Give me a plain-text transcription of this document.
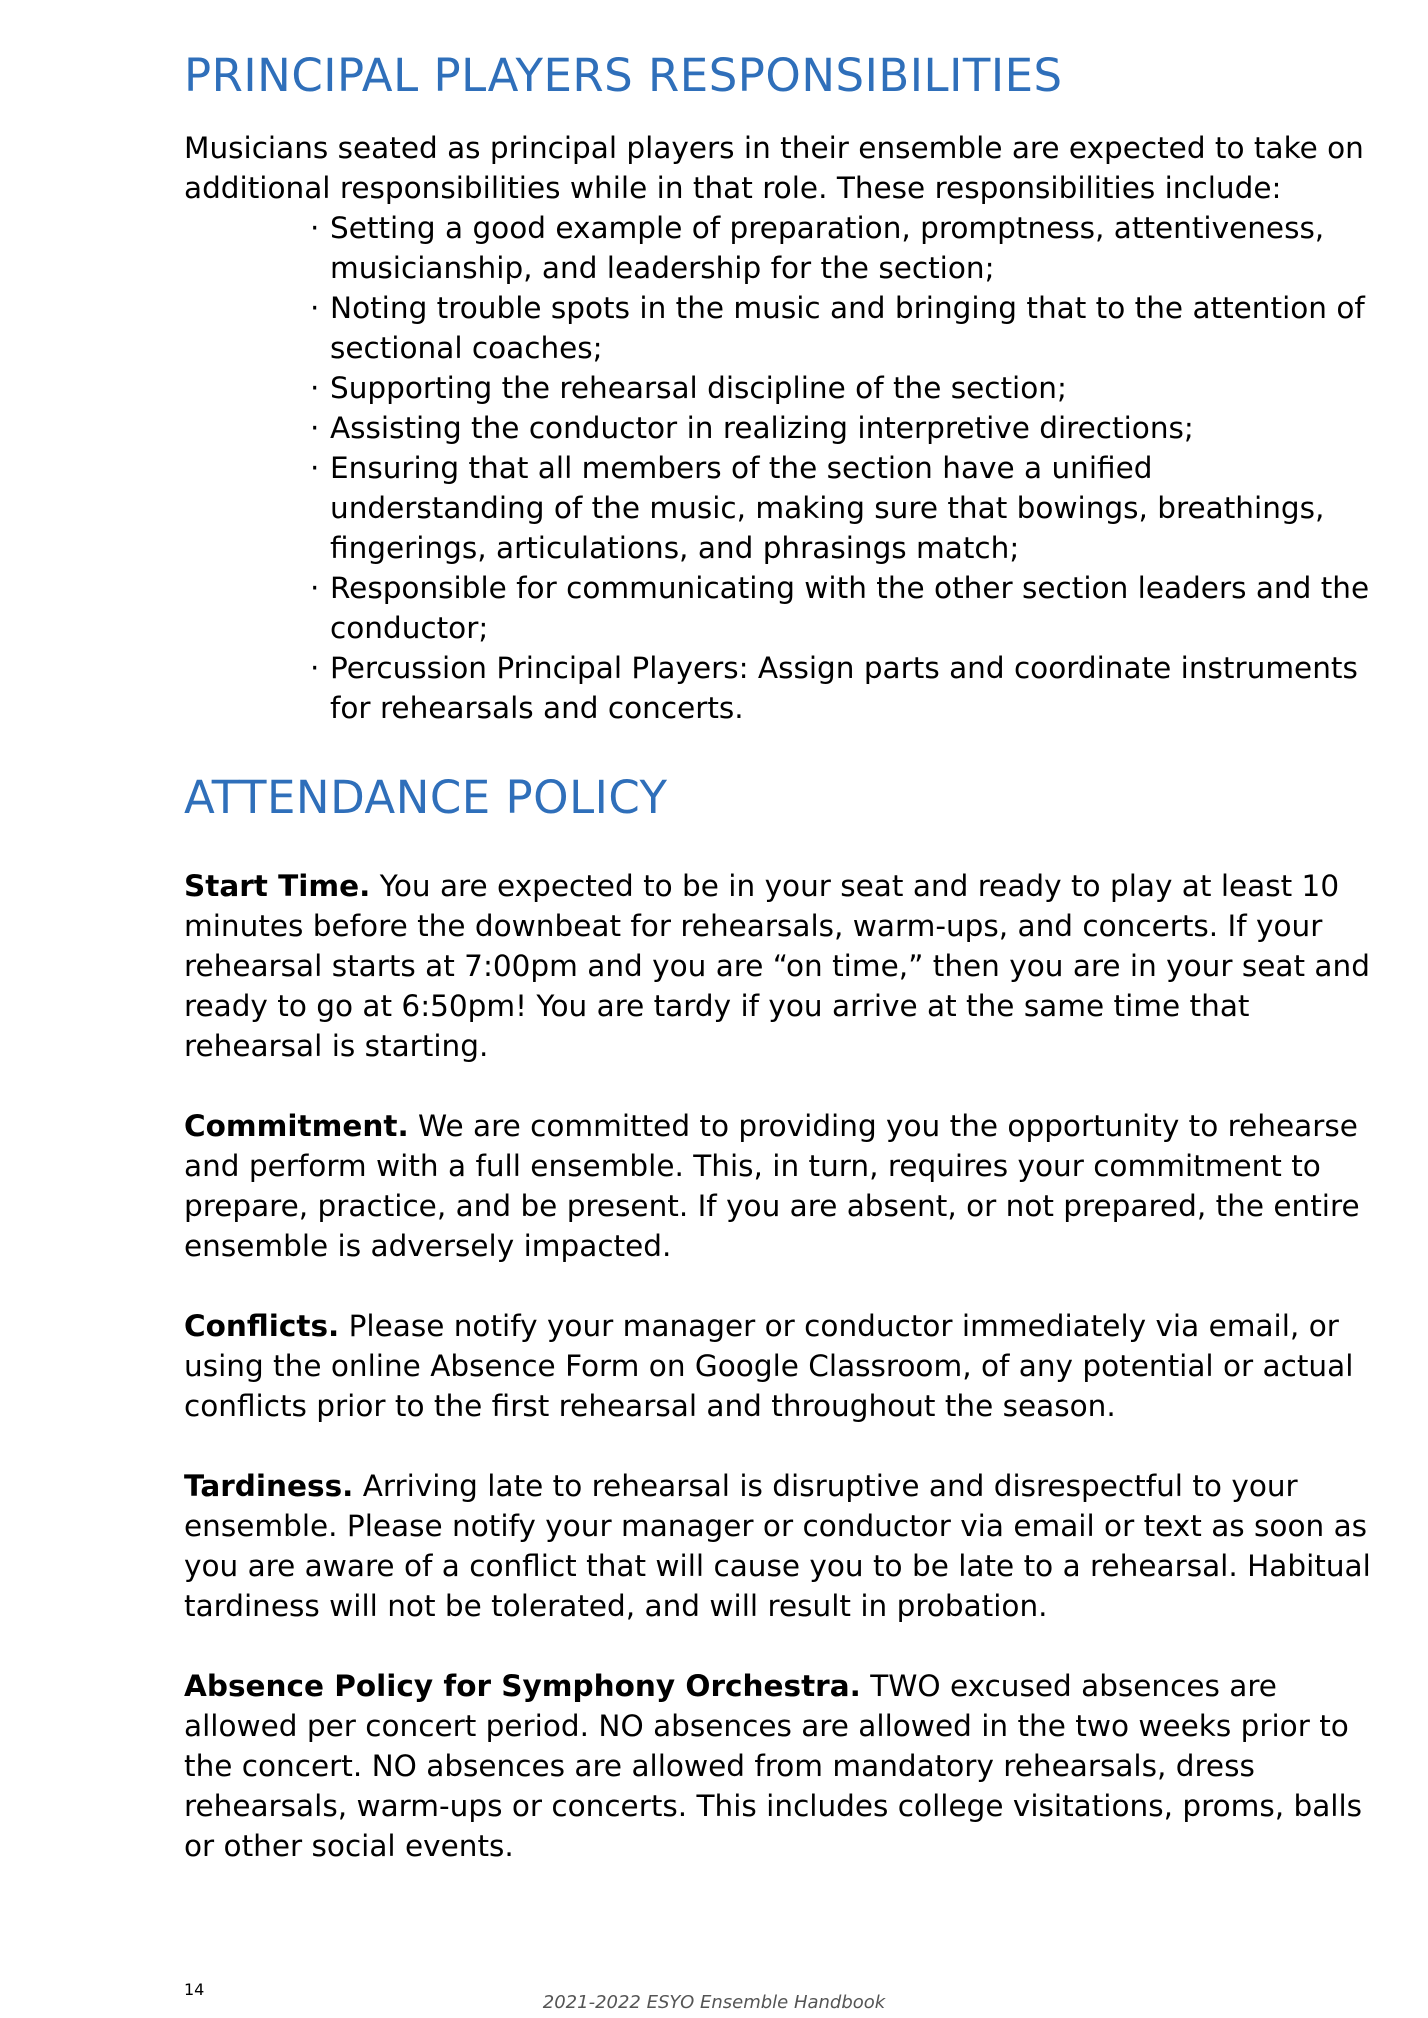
PRINCIPAL PLAYERS RESPONSIBILITIES

Musicians seated as principal players in their ensemble are expected to take on additional responsibilities while in that role. These responsibilities include:

· Setting a good example of preparation, promptness, attentiveness, musicianship, and leadership for the section;
· Noting trouble spots in the music and bringing that to the attention of sectional coaches;
· Supporting the rehearsal discipline of the section;
· Assisting the conductor in realizing interpretive directions;
· Ensuring that all members of the section have a unified understanding of the music, making sure that bowings, breathings, fingerings, articulations, and phrasings match;
· Responsible for communicating with the other section leaders and the conductor;
· Percussion Principal Players: Assign parts and coordinate instruments for rehearsals and concerts.
ATTENDANCE POLICY

Start Time. You are expected to be in your seat and ready to play at least 10 minutes before the downbeat for rehearsals, warm-ups, and concerts. If your rehearsal starts at 7:00pm and you are “on time,” then you are in your seat and ready to go at 6:50pm! You are tardy if you arrive at the same time that rehearsal is starting.

Commitment. We are committed to providing you the opportunity to rehearse and perform with a full ensemble. This, in turn, requires your commitment to prepare, practice, and be present. If you are absent, or not prepared, the entire ensemble is adversely impacted.

Conflicts. Please notify your manager or conductor immediately via email, or using the online Absence Form on Google Classroom, of any potential or actual conflicts prior to the first rehearsal and throughout the season.

Tardiness. Arriving late to rehearsal is disruptive and disrespectful to your ensemble. Please notify your manager or conductor via email or text as soon as you are aware of a conflict that will cause you to be late to a rehearsal. Habitual tardiness will not be tolerated, and will result in probation.

Absence Policy for Symphony Orchestra. TWO excused absences are allowed per concert period. NO absences are allowed in the two weeks prior to the concert. NO absences are allowed from mandatory rehearsals, dress rehearsals, warm-ups or concerts. This includes college visitations, proms, balls or other social events.

14
2021-2022 ESYO Ensemble Handbook
